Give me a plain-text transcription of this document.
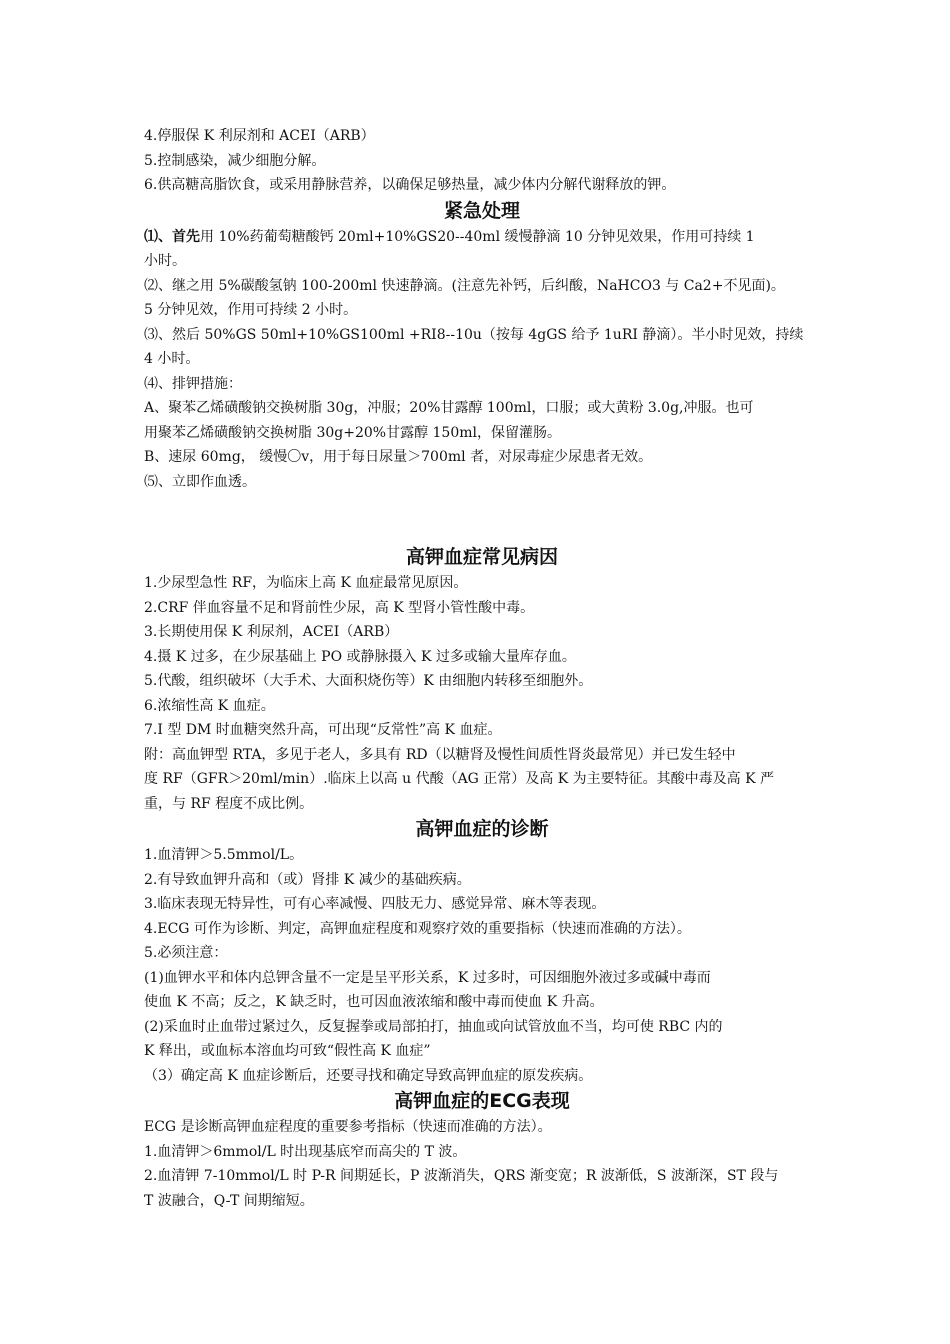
4.停服保 K 利尿剂和 ACEI（ARB）
5.控制感染，减少细胞分解。
6.供高糖高脂饮食，或采用静脉营养，以确保足够热量，减少体内分解代谢释放的钾。
紧急处理
⑴、首先用 10%药葡萄糖酸钙 20ml+10%GS20--40ml 缓慢静滴 10 分钟见效果，作用可持续 1
小时。
⑵、继之用 5%碳酸氢钠 100-200ml 快速静滴。(注意先补钙，后纠酸，NaHCO3 与 Ca2+不见面)。
5 分钟见效，作用可持续 2 小时。
⑶、然后 50%GS 50ml+10%GS100ml +RI8--10u（按每 4gGS 给予 1uRI 静滴）。半小时见效，持续
4 小时。
⑷、排钾措施：
A、聚苯乙烯磺酸钠交换树脂 30g，冲服；20%甘露醇 100ml，口服；或大黄粉 3.0g,冲服。也可
用聚苯乙烯磺酸钠交换树脂 30g+20%甘露醇 150ml，保留灌肠。
B、速尿 60mg， 缓慢〇v，用于每日尿量＞700ml 者，对尿毒症少尿患者无效。
⑸、立即作血透。
高钾血症常见病因
1.少尿型急性 RF，为临床上高 K 血症最常见原因。
2.CRF 伴血容量不足和肾前性少尿，高 K 型肾小管性酸中毒。
3.长期使用保 K 利尿剂，ACEI（ARB）
4.摄 K 过多，在少尿基础上 PO 或静脉摄入 K 过多或输大量库存血。
5.代酸，组织破坏（大手术、大面积烧伤等）K 由细胞内转移至细胞外。
6.浓缩性高 K 血症。
7.I 型 DM 时血糖突然升高，可出现“反常性”高 K 血症。
附：高血钾型 RTA，多见于老人，多具有 RD（以糖肾及慢性间质性肾炎最常见）并已发生轻中
度 RF（GFR＞20ml/min）.临床上以高 u 代酸（AG 正常）及高 K 为主要特征。其酸中毒及高 K 严
重，与 RF 程度不成比例。
高钾血症的诊断
1.血清钾＞5.5mmol/L。
2.有导致血钾升高和（或）肾排 K 减少的基础疾病。
3.临床表现无特异性，可有心率减慢、四肢无力、感觉异常、麻木等表现。
4.ECG 可作为诊断、判定，高钾血症程度和观察疗效的重要指标（快速而准确的方法）。
5.必须注意：
(1)血钾水平和体内总钾含量不一定是呈平形关系，K 过多时，可因细胞外液过多或碱中毒而
使血 K 不高；反之，K 缺乏时，也可因血液浓缩和酸中毒而使血 K 升高。
(2)采血时止血带过紧过久，反复握拳或局部拍打，抽血或向试管放血不当，均可使 RBC 内的
K 释出，或血标本溶血均可致“假性高 K 血症”
（3）确定高 K 血症诊断后，还要寻找和确定导致高钾血症的原发疾病。
高钾血症的ECG表现
ECG 是诊断高钾血症程度的重要参考指标（快速而准确的方法）。
1.血清钾＞6mmol/L 时出现基底窄而高尖的 T 波。
2.血清钾 7-10mmol/L 时 P-R 间期延长，P 波渐消失，QRS 渐变宽；R 波渐低，S 波渐深，ST 段与
T 波融合，Q-T 间期缩短。
